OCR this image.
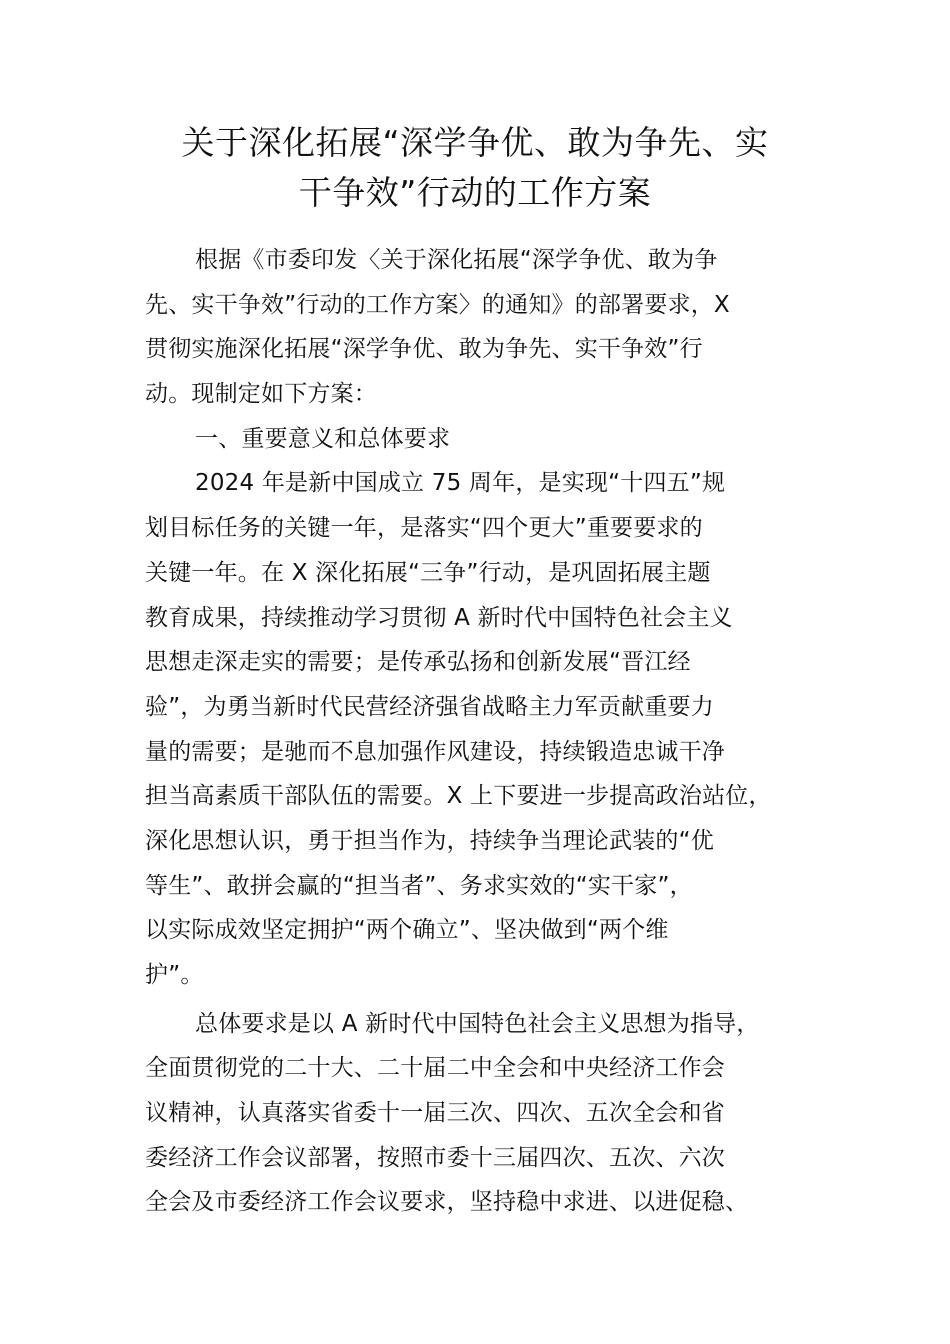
关于深化拓展“深学争优、敢为争先、实
干争效”行动的工作方案
根据《市委印发〈关于深化拓展“深学争优、敢为争
先、实干争效”行动的工作方案〉的通知》的部署要求，X
贯彻实施深化拓展“深学争优、敢为争先、实干争效”行
动。现制定如下方案：
一、重要意义和总体要求
2024 年是新中国成立 75 周年，是实现“十四五”规
划目标任务的关键一年，是落实“四个更大”重要要求的
关键一年。在 X 深化拓展“三争”行动，是巩固拓展主题
教育成果，持续推动学习贯彻 A 新时代中国特色社会主义
思想走深走实的需要；是传承弘扬和创新发展“晋江经
验”，为勇当新时代民营经济强省战略主力军贡献重要力
量的需要；是驰而不息加强作风建设，持续锻造忠诚干净
担当高素质干部队伍的需要。X 上下要进一步提高政治站位，
深化思想认识，勇于担当作为，持续争当理论武装的“优
等生”、敢拼会赢的“担当者”、务求实效的“实干家”，
以实际成效坚定拥护“两个确立”、坚决做到“两个维
护”。
总体要求是以 A 新时代中国特色社会主义思想为指导，
全面贯彻党的二十大、二十届二中全会和中央经济工作会
议精神，认真落实省委十一届三次、四次、五次全会和省
委经济工作会议部署，按照市委十三届四次、五次、六次
全会及市委经济工作会议要求，坚持稳中求进、以进促稳、
